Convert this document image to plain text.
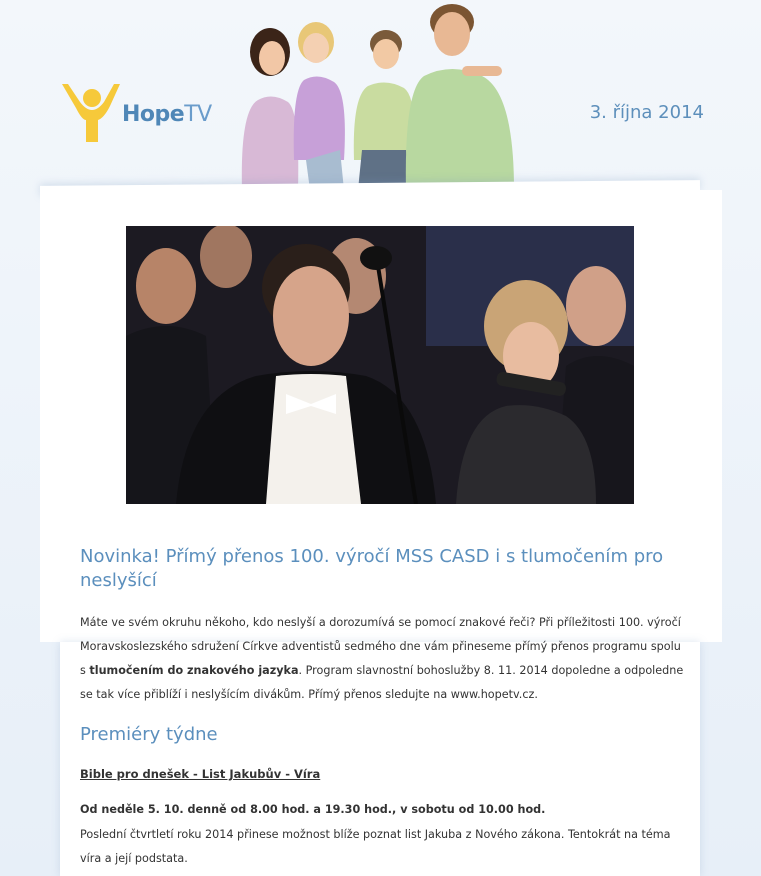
HopeTV	3. října 2014
Novinka! Přímý přenos 100. výročí MSS CASD i s tlumočením pro neslyšící

Máte ve svém okruhu někoho, kdo neslyší a dorozumívá se pomocí znakové řeči? Při příležitosti 100. výročí Moravskoslezského sdružení Církve adventistů sedmého dne vám přineseme přímý přenos programu spolu s tlumočením do znakového jazyka. Program slavnostní bohoslužby 8. 11. 2014 dopoledne a odpoledne se tak více přiblíží i neslyšícím divákům. Přímý přenos sledujte na www.hopetv.cz.

Premiéry týdne
Bible pro dnešek - List Jakubův - Víra
Od neděle 5. 10. denně od 8.00 hod. a 19.30 hod., v sobotu od 10.00 hod.

Poslední čtvrtletí roku 2014 přinese možnost blíže poznat list Jakuba z Nového zákona. Tentokrát na téma víra a její podstata.
